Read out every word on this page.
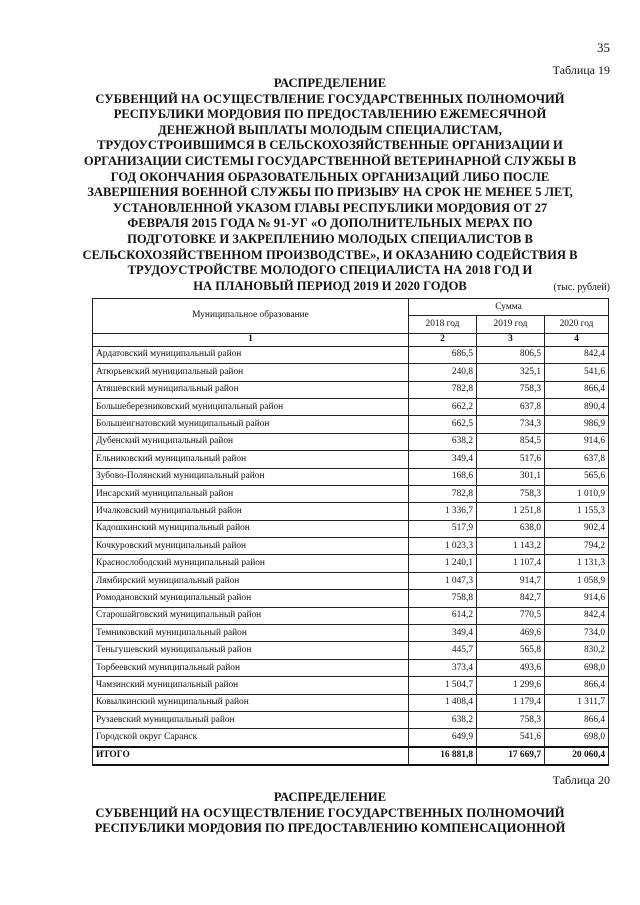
35
Таблица 19
РАСПРЕДЕЛЕНИЕ
СУБВЕНЦИЙ НА ОСУЩЕСТВЛЕНИЕ ГОСУДАРСТВЕННЫХ ПОЛНОМОЧИЙ
РЕСПУБЛИКИ МОРДОВИЯ ПО ПРЕДОСТАВЛЕНИЮ ЕЖЕМЕСЯЧНОЙ
ДЕНЕЖНОЙ ВЫПЛАТЫ МОЛОДЫМ СПЕЦИАЛИСТАМ,
ТРУДОУСТРОИВШИМСЯ В СЕЛЬСКОХОЗЯЙСТВЕННЫЕ ОРГАНИЗАЦИИ И
ОРГАНИЗАЦИИ СИСТЕМЫ ГОСУДАРСТВЕННОЙ ВЕТЕРИНАРНОЙ СЛУЖБЫ В
ГОД ОКОНЧАНИЯ ОБРАЗОВАТЕЛЬНЫХ ОРГАНИЗАЦИЙ ЛИБО ПОСЛЕ
ЗАВЕРШЕНИЯ ВОЕННОЙ СЛУЖБЫ ПО ПРИЗЫВУ НА СРОК НЕ МЕНЕЕ 5 ЛЕТ,
УСТАНОВЛЕННОЙ УКАЗОМ ГЛАВЫ РЕСПУБЛИКИ МОРДОВИЯ ОТ 27
ФЕВРАЛЯ 2015 ГОДА № 91-УГ «О ДОПОЛНИТЕЛЬНЫХ МЕРАХ ПО
ПОДГОТОВКЕ И ЗАКРЕПЛЕНИЮ МОЛОДЫХ СПЕЦИАЛИСТОВ В
СЕЛЬСКОХОЗЯЙСТВЕННОМ ПРОИЗВОДСТВЕ», И ОКАЗАНИЮ СОДЕЙСТВИЯ В
ТРУДОУСТРОЙСТВЕ МОЛОДОГО СПЕЦИАЛИСТА НА 2018 ГОД И
НА ПЛАНОВЫЙ ПЕРИОД 2019 И 2020 ГОДОВ	(тыс. рублей)
Муниципальное образование	Сумма		
	2018 год	2019 год	2020 год
1	2	3	4
Ардатовский муниципальный район	686,5	806,5	842,4
Атюрьевский муниципальный район	240,8	325,1	541,6
Атяшевский муниципальный район	782,8	758,3	866,4
Большеберезниковский муниципальный район	662,2	637,8	890,4
Большеигнатовский муниципальный район	662,5	734,3	986,9
Дубенский муниципальный район	638,2	854,5	914,6
Ельниковский муниципальный район	349,4	517,6	637,8
Зубово-Полянский муниципальный район	168,6	301,1	565,6
Инсарский муниципальный район	782,8	758,3	1 010,9
Ичалковский муниципальный район	1 336,7	1 251,8	1 155,3
Кадошкинский муниципальный район	517,9	638,0	902,4
Кочкуровский муниципальный район	1 023,3	1 143,2	794,2
Краснослободский муниципальный район	1 240,1	1 107,4	1 131,3
Лямбирский муниципальный район	1 047,3	914,7	1 058,9
Ромодановский муниципальный район	758,8	842,7	914,6
Старошайговский муниципальный район	614,2	770,5	842,4
Темниковский муниципальный район	349,4	469,6	734,0
Теньгушевский муниципальный район	445,7	565,8	830,2
Торбеевский муниципальный район	373,4	493,6	698,0
Чамзинский муниципальный район	1 504,7	1 299,6	866,4
Ковылкинский муниципальный район	1 408,4	1 179,4	1 311,7
Рузаевский муниципальный район	638,2	758,3	866,4
Городской округ Саранск	649,9	541,6	698,0
ИТОГО	16 881,8	17 669,7	20 060,4
Таблица 20
РАСПРЕДЕЛЕНИЕ
СУБВЕНЦИЙ НА ОСУЩЕСТВЛЕНИЕ ГОСУДАРСТВЕННЫХ ПОЛНОМОЧИЙ
РЕСПУБЛИКИ МОРДОВИЯ ПО ПРЕДОСТАВЛЕНИЮ КОМПЕНСАЦИОННОЙ
